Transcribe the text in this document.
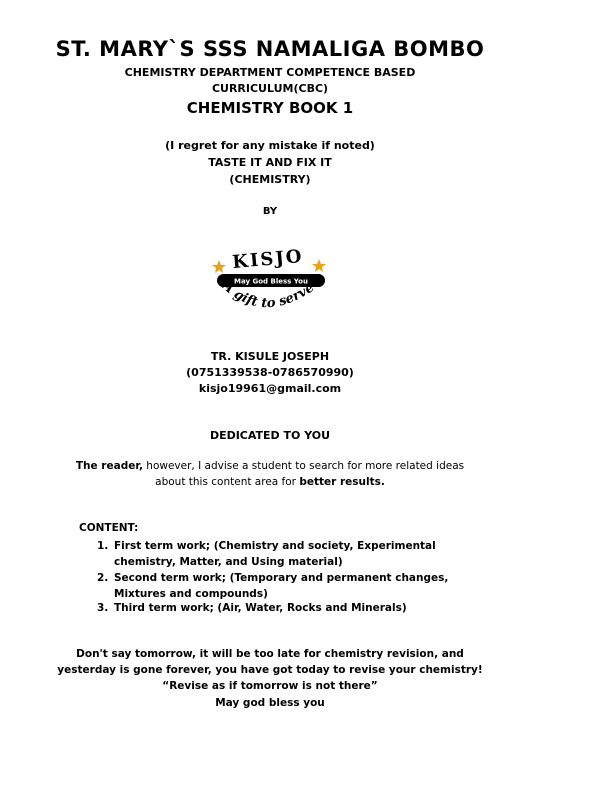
ST. MARY`S SSS NAMALIGA BOMBO
CHEMISTRY DEPARTMENT COMPETENCE BASED
CURRICULUM(CBC)
CHEMISTRY BOOK 1
(I regret for any mistake if noted)
TASTE IT AND FIX IT
(CHEMISTRY)
BY
KISJO
May God Bless You
A gift to serve
TR. KISULE JOSEPH
(0751339538-0786570990)
kisjo19961@gmail.com
DEDICATED TO YOU
The reader, however, I advise a student to search for more related ideas
about this content area for better results.
CONTENT:
1. First term work; (Chemistry and society, Experimental
chemistry, Matter, and Using material)
2. Second term work; (Temporary and permanent changes,
Mixtures and compounds)
3. Third term work; (Air, Water, Rocks and Minerals)
Don't say tomorrow, it will be too late for chemistry revision, and
yesterday is gone forever, you have got today to revise your chemistry!
“Revise as if tomorrow is not there”
May god bless you
